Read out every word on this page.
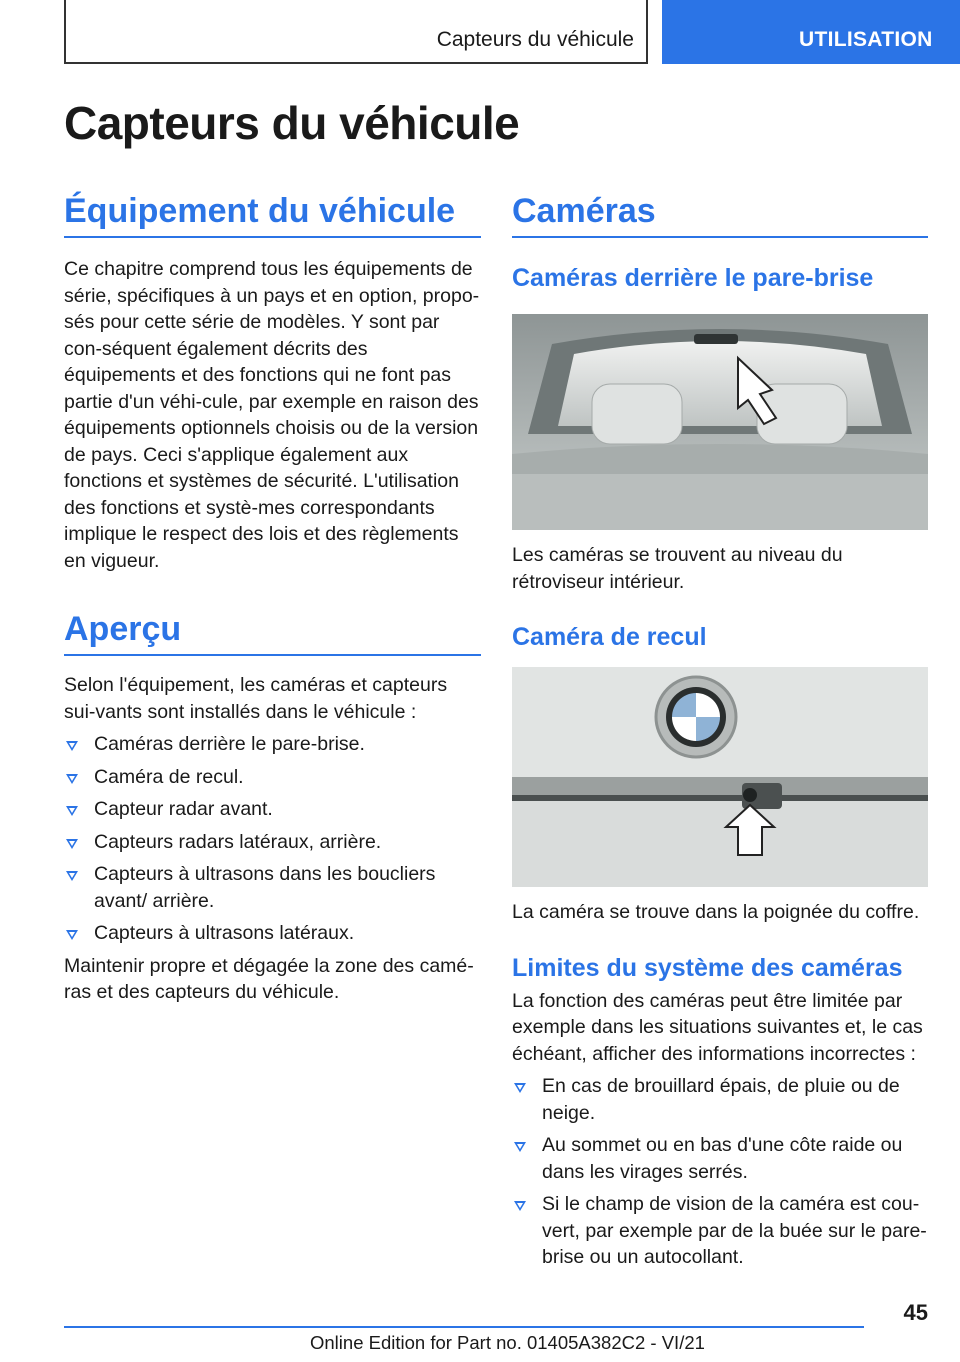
Capteurs du véhicule	UTILISATION
Capteurs du véhicule
Équipement du véhicule

Ce chapitre comprend tous les équipements de série, spécifiques à un pays et en option, propo-sés pour cette série de modèles. Y sont par con-séquent également décrits des équipements et des fonctions qui ne font pas partie d'un véhi-cule, par exemple en raison des équipements optionnels choisis ou de la version de pays. Ceci s'applique également aux fonctions et systèmes de sécurité. L'utilisation des fonctions et systè-mes correspondants implique le respect des lois et des règlements en vigueur.

Aperçu

Selon l'équipement, les caméras et capteurs sui-vants sont installés dans le véhicule :

Caméras derrière le pare-brise.
Caméra de recul.
Capteur radar avant.
Capteurs radars latéraux, arrière.
Capteurs à ultrasons dans les boucliers avant/ arrière.
Capteurs à ultrasons latéraux.

Maintenir propre et dégagée la zone des camé-ras et des capteurs du véhicule.

Caméras
Caméras derrière le pare-brise

Les caméras se trouvent au niveau du rétroviseur intérieur.

Caméra de recul

La caméra se trouve dans la poignée du coffre.

Limites du système des caméras

La fonction des caméras peut être limitée par exemple dans les situations suivantes et, le cas échéant, afficher des informations incorrectes :

En cas de brouillard épais, de pluie ou de neige.
Au sommet ou en bas d'une côte raide ou dans les virages serrés.
Si le champ de vision de la caméra est cou-vert, par exemple par de la buée sur le pare-brise ou un autocollant.
45
Online Edition for Part no. 01405A382C2 - VI/21
